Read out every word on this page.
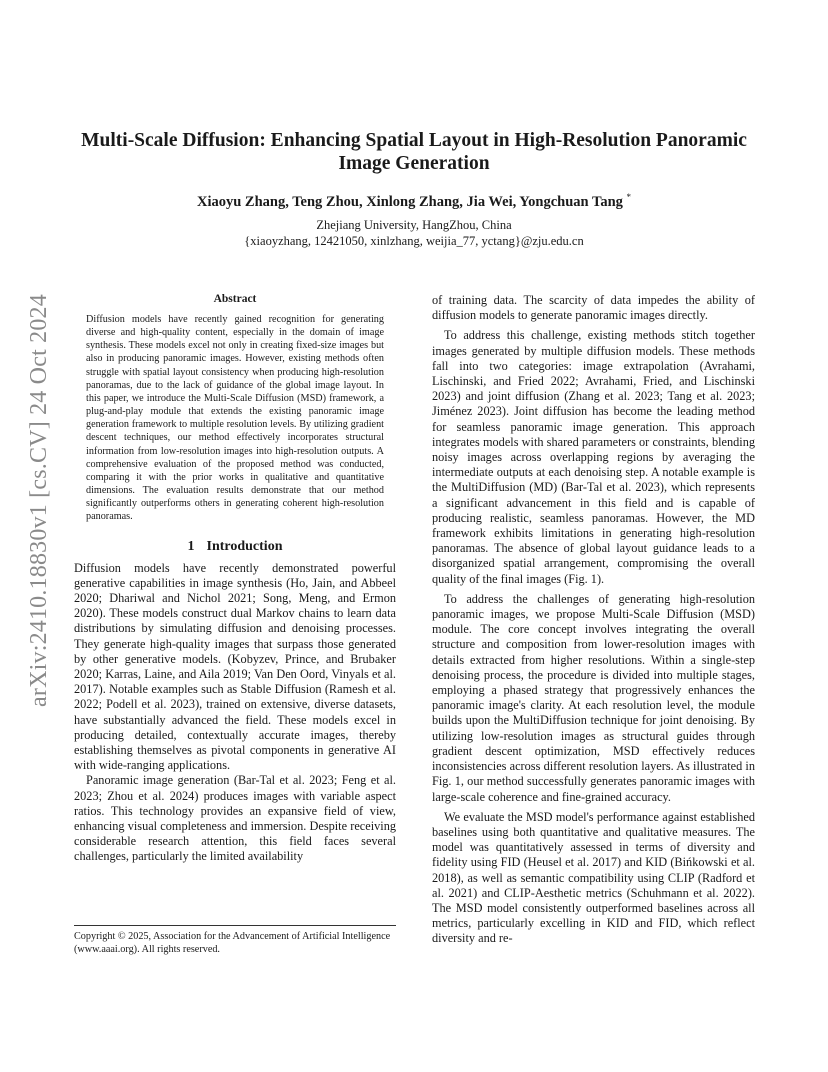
arXiv:2410.18830v1 [cs.CV] 24 Oct 2024
Multi-Scale Diffusion: Enhancing Spatial Layout in High-Resolution Panoramic Image Generation
Xiaoyu Zhang, Teng Zhou, Xinlong Zhang, Jia Wei, Yongchuan Tang *
Zhejiang University, HangZhou, China
{xiaoyzhang, 12421050, xinlzhang, weijia_77, yctang}@zju.edu.cn
Abstract

Diffusion models have recently gained recognition for generating diverse and high-quality content, especially in the domain of image synthesis. These models excel not only in creating fixed-size images but also in producing panoramic images. However, existing methods often struggle with spatial layout consistency when producing high-resolution panoramas, due to the lack of guidance of the global image layout. In this paper, we introduce the Multi-Scale Diffusion (MSD) framework, a plug-and-play module that extends the existing panoramic image generation framework to multiple resolution levels. By utilizing gradient descent techniques, our method effectively incorporates structural information from low-resolution images into high-resolution outputs. A comprehensive evaluation of the proposed method was conducted, comparing it with the prior works in qualitative and quantitative dimensions. The evaluation results demonstrate that our method significantly outperforms others in generating coherent high-resolution panoramas.

1 Introduction

Diffusion models have recently demonstrated powerful generative capabilities in image synthesis (Ho, Jain, and Abbeel 2020; Dhariwal and Nichol 2021; Song, Meng, and Ermon 2020). These models construct dual Markov chains to learn data distributions by simulating diffusion and denoising processes. They generate high-quality images that surpass those generated by other generative models. (Kobyzev, Prince, and Brubaker 2020; Karras, Laine, and Aila 2019; Van Den Oord, Vinyals et al. 2017). Notable examples such as Stable Diffusion (Ramesh et al. 2022; Podell et al. 2023), trained on extensive, diverse datasets, have substantially advanced the field. These models excel in producing detailed, contextually accurate images, thereby establishing themselves as pivotal components in generative AI with wide-ranging applications.

Panoramic image generation (Bar-Tal et al. 2023; Feng et al. 2023; Zhou et al. 2024) produces images with variable aspect ratios. This technology provides an expansive field of view, enhancing visual completeness and immersion. Despite receiving considerable research attention, this field faces several challenges, particularly the limited availability

Copyright © 2025, Association for the Advancement of Artificial Intelligence (www.aaai.org). All rights reserved.

of training data. The scarcity of data impedes the ability of diffusion models to generate panoramic images directly.

To address this challenge, existing methods stitch together images generated by multiple diffusion models. These methods fall into two categories: image extrapolation (Avrahami, Lischinski, and Fried 2022; Avrahami, Fried, and Lischinski 2023) and joint diffusion (Zhang et al. 2023; Tang et al. 2023; Jiménez 2023). Joint diffusion has become the leading method for seamless panoramic image generation. This approach integrates models with shared parameters or constraints, blending noisy images across overlapping regions by averaging the intermediate outputs at each denoising step. A notable example is the MultiDiffusion (MD) (Bar-Tal et al. 2023), which represents a significant advancement in this field and is capable of producing realistic, seamless panoramas. However, the MD framework exhibits limitations in generating high-resolution panoramas. The absence of global layout guidance leads to a disorganized spatial arrangement, compromising the overall quality of the final images (Fig. 1).

To address the challenges of generating high-resolution panoramic images, we propose Multi-Scale Diffusion (MSD) module. The core concept involves integrating the overall structure and composition from lower-resolution images with details extracted from higher resolutions. Within a single-step denoising process, the procedure is divided into multiple stages, employing a phased strategy that progressively enhances the panoramic image's clarity. At each resolution level, the module builds upon the MultiDiffusion technique for joint denoising. By utilizing low-resolution images as structural guides through gradient descent optimization, MSD effectively reduces inconsistencies across different resolution layers. As illustrated in Fig. 1, our method successfully generates panoramic images with large-scale coherence and fine-grained accuracy.

We evaluate the MSD model's performance against established baselines using both quantitative and qualitative measures. The model was quantitatively assessed in terms of diversity and fidelity using FID (Heusel et al. 2017) and KID (Bińkowski et al. 2018), as well as semantic compatibility using CLIP (Radford et al. 2021) and CLIP-Aesthetic metrics (Schuhmann et al. 2022). The MSD model consistently outperformed baselines across all metrics, particularly excelling in KID and FID, which reflect diversity and re-
